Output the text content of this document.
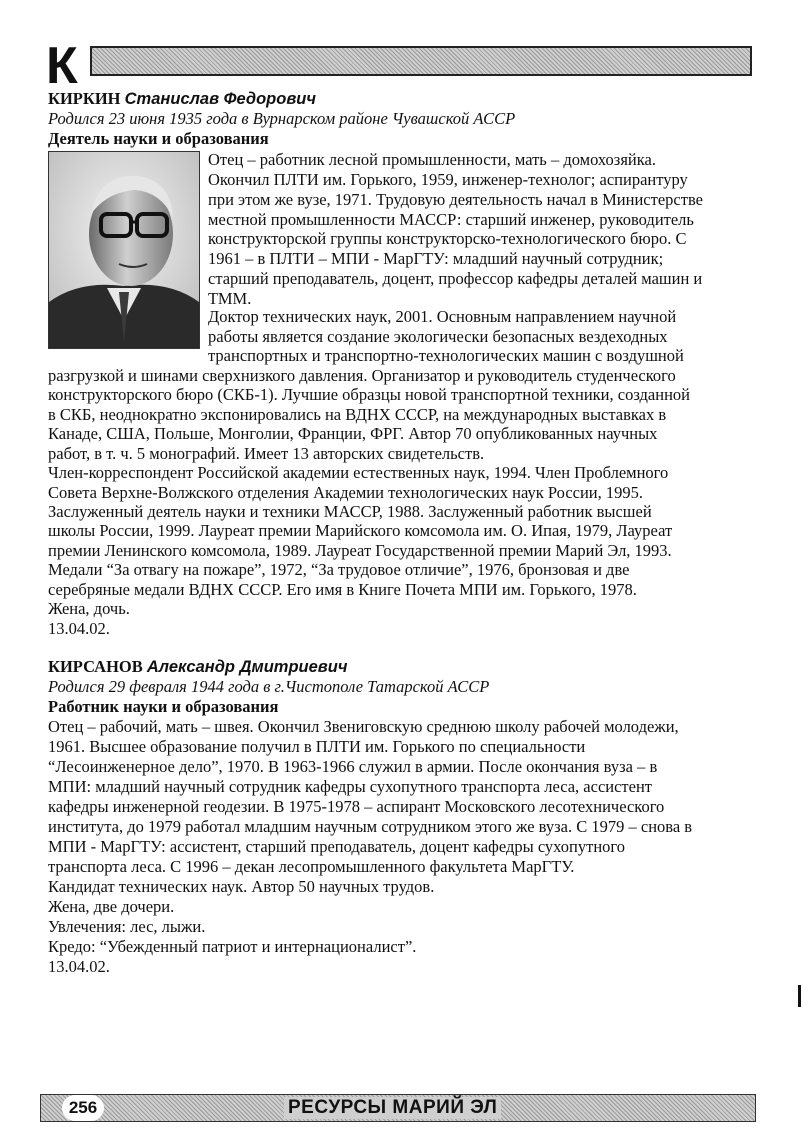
К
КИРКИН Станислав Федорович
Родился 23 июня 1935 года в Вурнарском районе Чувашской АССР
Деятель науки и образования
Отец – работник лесной промышленности, мать – домохозяйка.
Окончил ПЛТИ им. Горького, 1959, инженер-технолог; аспирантуру
при этом же вузе, 1971. Трудовую деятельность начал в Министерстве
местной промышленности МАССР: старший инженер, руководитель
конструкторской группы конструкторско-технологического бюро. С
1961 – в ПЛТИ – МПИ - МарГТУ: младший научный сотрудник;
старший преподаватель, доцент, профессор кафедры деталей машин и
ТММ.
Доктор технических наук, 2001. Основным направлением научной
работы является создание экологически безопасных вездеходных
транспортных и транспортно-технологических машин с воздушной
разгрузкой и шинами сверхнизкого давления. Организатор и руководитель студенческого
конструкторского бюро (СКБ-1). Лучшие образцы новой транспортной техники, созданной
в СКБ, неоднократно экспонировались на ВДНХ СССР, на международных выставках в
Канаде, США, Польше, Монголии, Франции, ФРГ. Автор 70 опубликованных научных
работ, в т. ч. 5 монографий. Имеет 13 авторских свидетельств.
Член-корреспондент Российской академии естественных наук, 1994. Член Проблемного
Совета Верхне-Волжского отделения Академии технологических наук России, 1995.
Заслуженный деятель науки и техники МАССР, 1988. Заслуженный работник высшей
школы России, 1999. Лауреат премии Марийского комсомола им. О. Ипая, 1979, Лауреат
премии Ленинского комсомола, 1989. Лауреат Государственной премии Марий Эл, 1993.
Медали “За отвагу на пожаре”, 1972, “За трудовое отличие”, 1976, бронзовая и две
серебряные медали ВДНХ СССР. Его имя в Книге Почета МПИ им. Горького, 1978.
Жена, дочь.
13.04.02.
КИРСАНОВ Александр Дмитриевич
Родился 29 февраля 1944 года в г.Чистополе Татарской АССР
Работник науки и образования
Отец – рабочий, мать – швея. Окончил Звениговскую среднюю школу рабочей молодежи,
1961. Высшее образование получил в ПЛТИ им. Горького по специальности
“Лесоинженерное дело”, 1970. В 1963-1966 служил в армии. После окончания вуза – в
МПИ: младший научный сотрудник кафедры сухопутного транспорта леса, ассистент
кафедры инженерной геодезии. В 1975-1978 – аспирант Московского лесотехнического
института, до 1979 работал младшим научным сотрудником этого же вуза. С 1979 – снова в
МПИ - МарГТУ: ассистент, старший преподаватель, доцент кафедры сухопутного
транспорта леса. С 1996 – декан лесопромышленного факультета МарГТУ.
Кандидат технических наук. Автор 50 научных трудов.
Жена, две дочери.
Увлечения: лес, лыжи.
Кредо: “Убежденный патриот и интернационалист”.
13.04.02.
256	РЕСУРСЫ МАРИЙ ЭЛ
